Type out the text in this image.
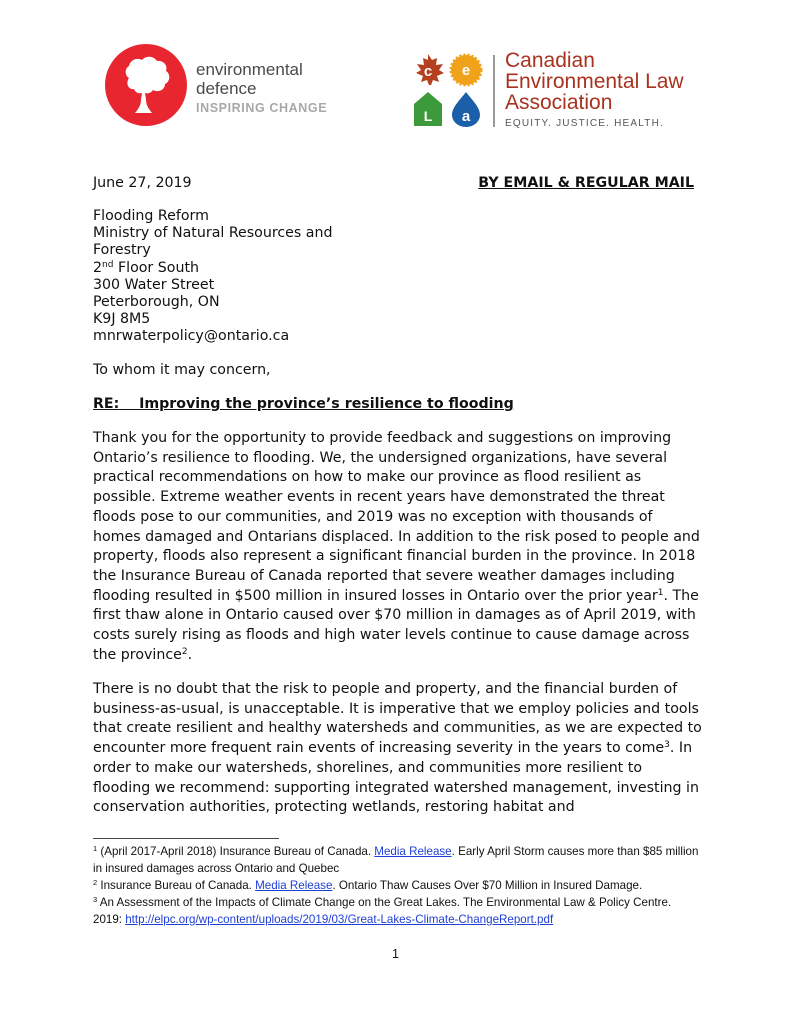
environmental
defence
INSPIRING CHANGE
c e
L a
Canadian
Environmental Law
Association
EQUITY. JUSTICE. HEALTH.
June 27, 2019	BY EMAIL & REGULAR MAIL
Flooding Reform
Ministry of Natural Resources and
Forestry
2nd Floor South
300 Water Street
Peterborough, ON
K9J 8M5
mnrwaterpolicy@ontario.ca
To whom it may concern,
RE: Improving the province’s resilience to flooding
Thank you for the opportunity to provide feedback and suggestions on improving Ontario’s resilience to flooding. We, the undersigned organizations, have several practical recommendations on how to make our province as flood resilient as possible. Extreme weather events in recent years have demonstrated the threat floods pose to our communities, and 2019 was no exception with thousands of homes damaged and Ontarians displaced. In addition to the risk posed to people and property, floods also represent a significant financial burden in the province. In 2018 the Insurance Bureau of Canada reported that severe weather damages including flooding resulted in $500 million in insured losses in Ontario over the prior year$^1$. The first thaw alone in Ontario caused over $70 million in damages as of April 2019, with costs surely rising as floods and high water levels continue to cause damage across the province$^2$.
There is no doubt that the risk to people and property, and the financial burden of business-as-usual, is unacceptable. It is imperative that we employ policies and tools that create resilient and healthy watersheds and communities, as we are expected to encounter more frequent rain events of increasing severity in the years to come$^3$. In order to make our watersheds, shorelines, and communities more resilient to flooding we recommend: supporting integrated watershed management, investing in conservation authorities, protecting wetlands, restoring habitat and
$^1$ (April 2017-April 2018) Insurance Bureau of Canada. Media Release. Early April Storm causes more than $85 million in insured damages across Ontario and Quebec
$^2$ Insurance Bureau of Canada. Media Release. Ontario Thaw Causes Over $70 Million in Insured Damage.
$^3$ An Assessment of the Impacts of Climate Change on the Great Lakes. The Environmental Law & Policy Centre. 2019: http://elpc.org/wp-content/uploads/2019/03/Great-Lakes-Climate-ChangeReport.pdf
1
